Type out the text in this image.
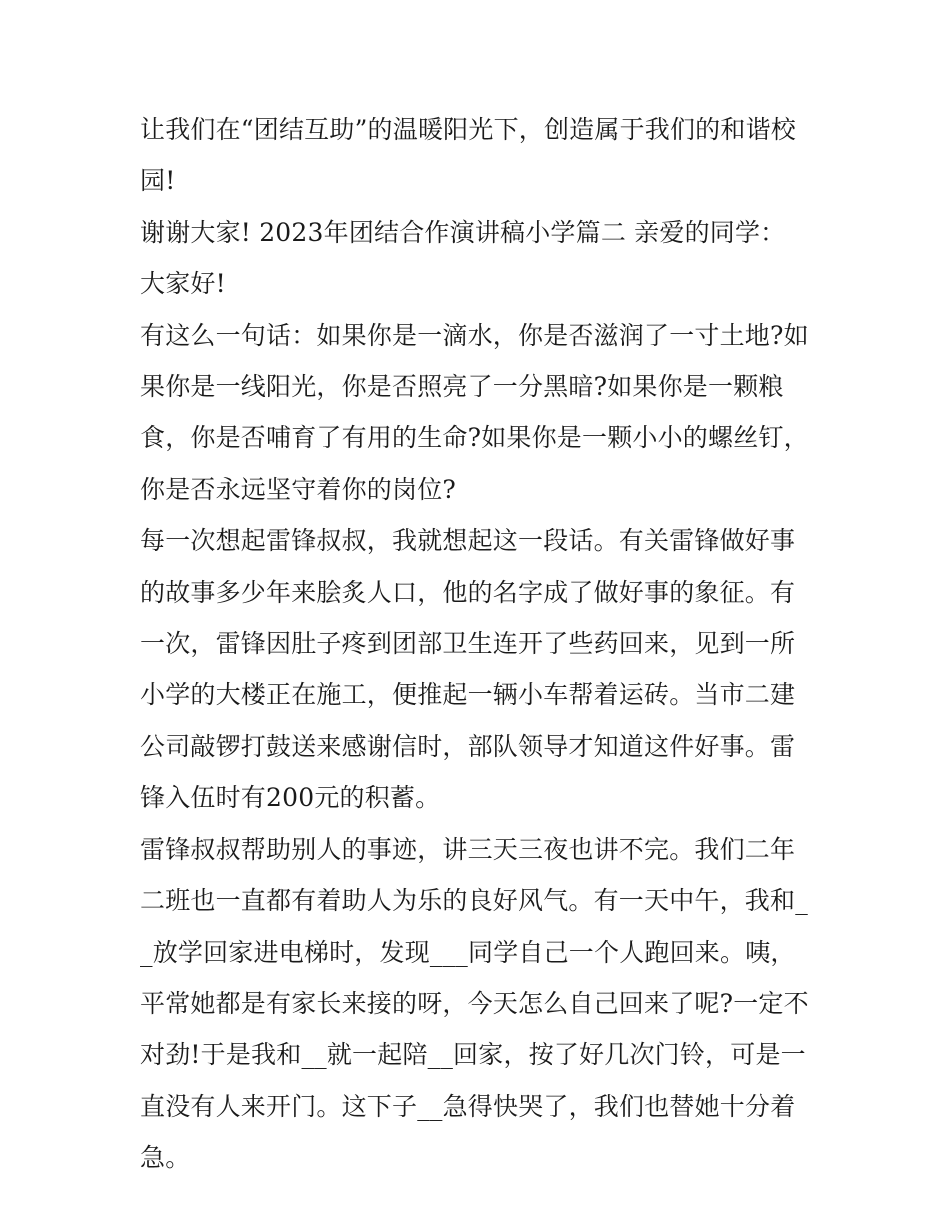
让我们在“团结互助”的温暖阳光下，创造属于我们的和谐校园!

谢谢大家! 2023年团结合作演讲稿小学篇二 亲爱的同学： 大家好!

有这么一句话：如果你是一滴水，你是否滋润了一寸土地?如果你是一线阳光，你是否照亮了一分黑暗?如果你是一颗粮食，你是否哺育了有用的生命?如果你是一颗小小的螺丝钉，你是否永远坚守着你的岗位?

每一次想起雷锋叔叔，我就想起这一段话。有关雷锋做好事的故事多少年来脍炙人口，他的名字成了做好事的象征。有一次，雷锋因肚子疼到团部卫生连开了些药回来，见到一所小学的大楼正在施工，便推起一辆小车帮着运砖。当市二建公司敲锣打鼓送来感谢信时，部队领导才知道这件好事。雷锋入伍时有200元的积蓄。

雷锋叔叔帮助别人的事迹，讲三天三夜也讲不完。我们二年二班也一直都有着助人为乐的良好风气。有一天中午，我和__放学回家进电梯时，发现___同学自己一个人跑回来。咦，平常她都是有家长来接的呀，今天怎么自己回来了呢?一定不对劲!于是我和__就一起陪__回家，按了好几次门铃，可是一直没有人来开门。这下子__急得快哭了，我们也替她十分着急。
